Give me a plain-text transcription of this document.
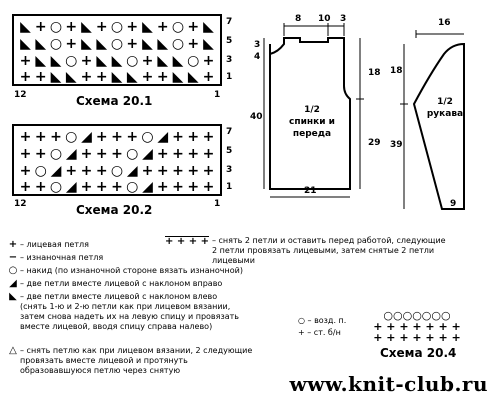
◣ + ○ + ◣ + ○ + ◣ + ○ + ◣
◣ ◣ ○ + ◣ ◣ ○ + ◣ ◣ ○ + ◣
+ ◣ ◣ ○ + ◣ ◣ ○ + ◣ ◣ ○ +
+ + ◣ ◣ + + ◣ ◣ + + ◣ ◣ +
7
5
3
1
12	1
Схема 20.1
+ + + ○ ◢ + + + ○ ◢ + + +
+ + ○ ◢ + + + ○ ◢ + + + +
+ ○ ◢ + + + ○ ◢ + + + + +
+ + ○ ◢ + + + ○ ◢ + + + +
7
5
3
1
12	1
Схема 20.2
8 10 3
3
4
40
18
29
21
1/2
спинки и
переда
16
18
39
9
1/2
рукава
+ – лицевая петля
− – изнаночная петля
○ – накид (по изнаночной стороне вязать изнаночной)
◢ – две петли вместе лицевой с наклоном вправо
◣ – две петли вместе лицевой с наклоном влево
(снять 1-ю и 2-ю петли как при лицевом вязании,
затем снова надеть их на левую спицу и провязать
вместе лицевой, вводя спицу справа налево)
△ – снять петлю как при лицевом вязании, 2 следующие
провязать вместе лицевой и протянуть
образовавшуюся петлю через снятую
+ + + + – снять 2 петли и оставить перед работой, следующие
2 петли провязать лицевыми, затем снятые 2 петли
лицевыми
○ – возд. п.
+ – ст. б/н
○○○○○○○
+ + + + + + +
+ + + + + + +
Схема 20.4
www.knit-club.ru
